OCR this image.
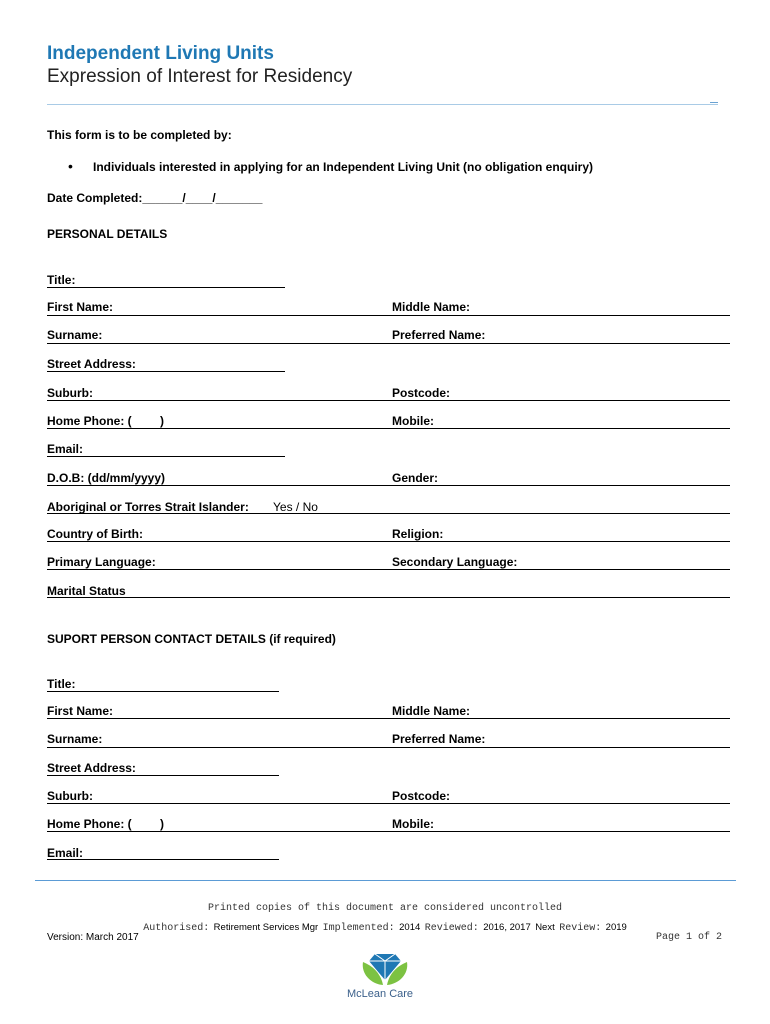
Independent Living Units
Expression of Interest for Residency
This form is to be completed by:
• Individuals interested in applying for an Independent Living Unit (no obligation enquiry)
Date Completed:______/____/_______
PERSONAL DETAILS
Title:
First Name:	Middle Name:
Surname:	Preferred Name:
Street Address:
Suburb:	Postcode:
Home Phone: ( )	Mobile:
Email:
D.O.B: (dd/mm/yyyy)	Gender:
Aboriginal or Torres Strait Islander: Yes / No
Country of Birth:	Religion:
Primary Language:	Secondary Language:
Marital Status
SUPORT PERSON CONTACT DETAILS (if required)
Title:
First Name:	Middle Name:
Surname:	Preferred Name:
Street Address:
Suburb:	Postcode:
Home Phone: ( )	Mobile:
Email:
Printed copies of this document are considered uncontrolled
Authorised: Retirement Services Mgr Implemented: 2014 Reviewed: 2016, 2017 Next Review: 2019
Version: March 2017	Page 1 of 2
McLean Care
